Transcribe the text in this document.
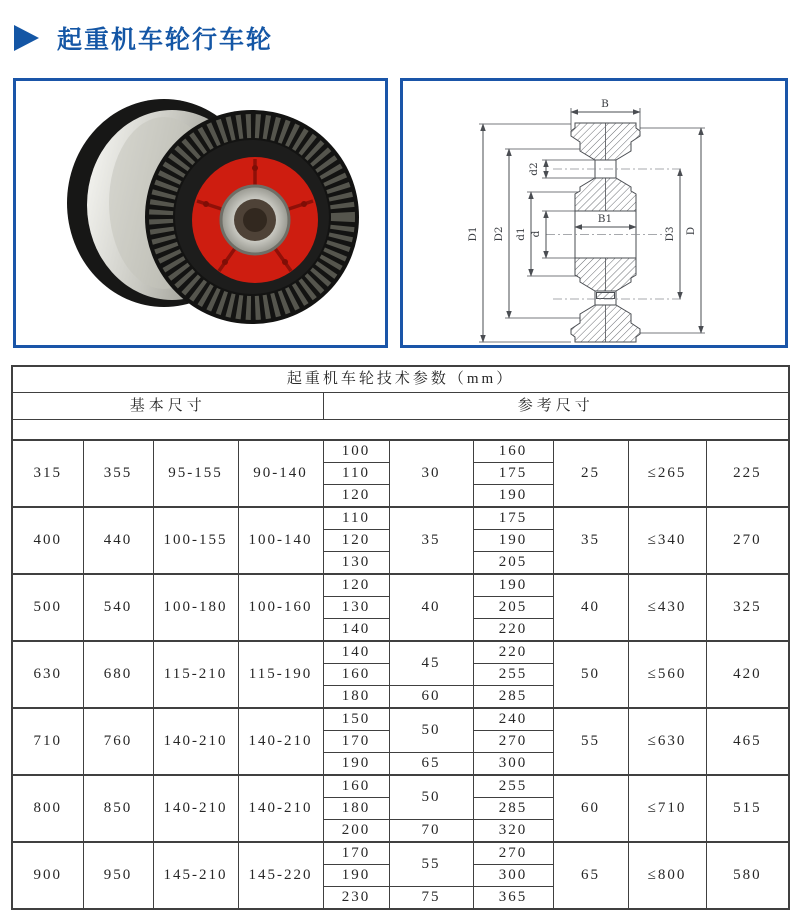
起重机车轮行车轮
B
B1
d2
d
d1
D2
D1	D3 D
起重机车轮技术参数（mm）									
基本尺寸				参考尺寸					

315	355	95-155	90-140	100	30	160	25	≤265	225
				110		175			
				120		190			
400	440	100-155	100-140	110	35	175	35	≤340	270
				120		190			
				130		205			
500	540	100-180	100-160	120	40	190	40	≤430	325
				130		205			
				140		220			
630	680	115-210	115-190	140	45	220	50	≤560	420
				160		255			
				180	60	285			
710	760	140-210	140-210	150	50	240	55	≤630	465
				170		270			
				190	65	300			
800	850	140-210	140-210	160	50	255	60	≤710	515
				180		285			
				200	70	320			
900	950	145-210	145-220	170	55	270	65	≤800	580
				190		300			
				230	75	365			
